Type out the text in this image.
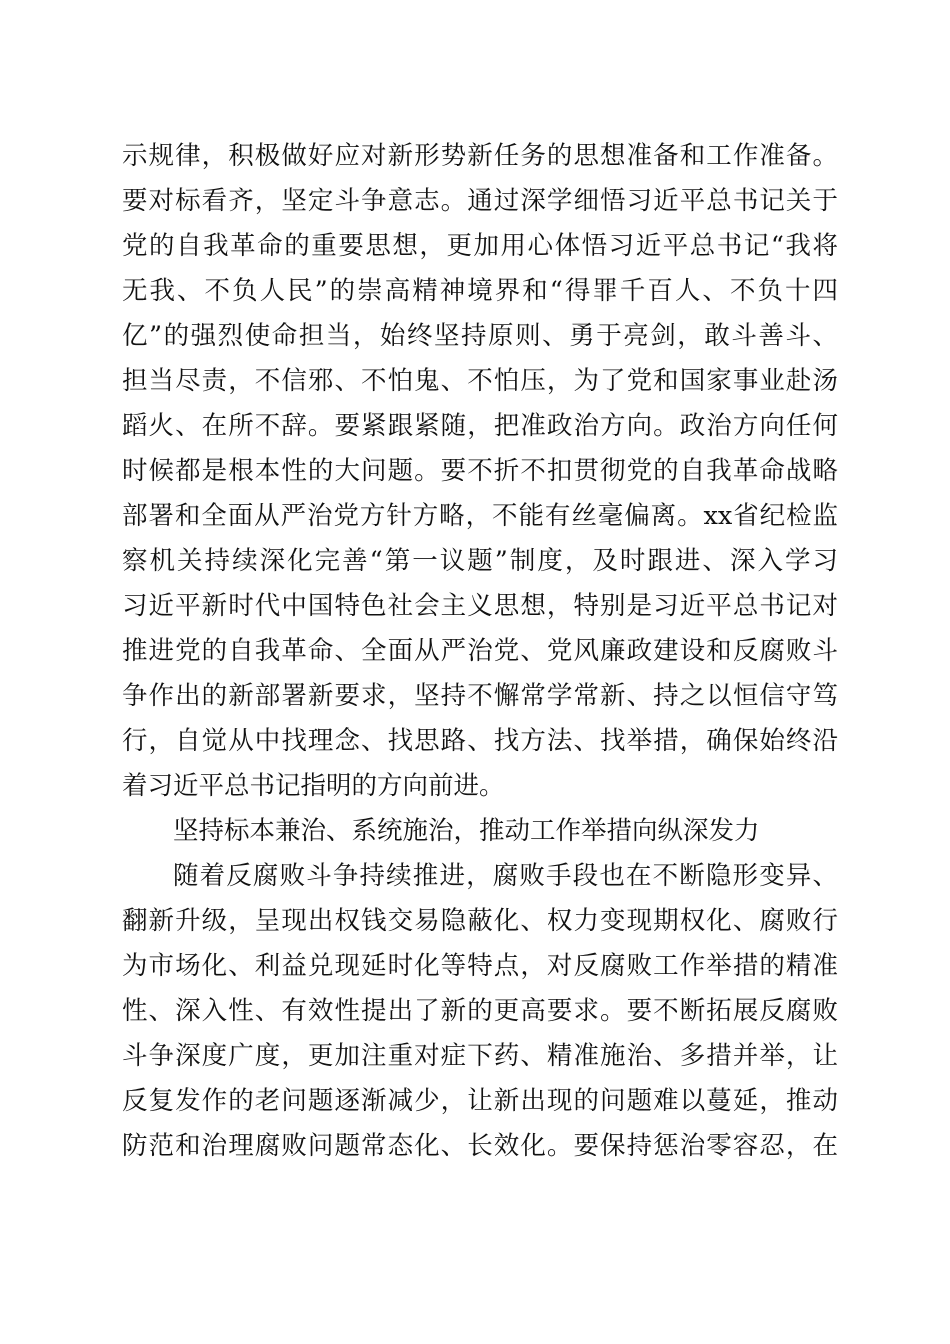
示规律，积极做好应对新形势新任务的思想准备和工作准备。
要对标看齐，坚定斗争意志。通过深学细悟习近平总书记关于
党的自我革命的重要思想，更加用心体悟习近平总书记“我将
无我、不负人民”的崇高精神境界和“得罪千百人、不负十四
亿”的强烈使命担当，始终坚持原则、勇于亮剑，敢斗善斗、
担当尽责，不信邪、不怕鬼、不怕压，为了党和国家事业赴汤
蹈火、在所不辞。要紧跟紧随，把准政治方向。政治方向任何
时候都是根本性的大问题。要不折不扣贯彻党的自我革命战略
部署和全面从严治党方针方略，不能有丝毫偏离。xx省纪检监
察机关持续深化完善“第一议题”制度，及时跟进、深入学习
习近平新时代中国特色社会主义思想，特别是习近平总书记对
推进党的自我革命、全面从严治党、党风廉政建设和反腐败斗
争作出的新部署新要求，坚持不懈常学常新、持之以恒信守笃
行，自觉从中找理念、找思路、找方法、找举措，确保始终沿
着习近平总书记指明的方向前进。
坚持标本兼治、系统施治，推动工作举措向纵深发力
随着反腐败斗争持续推进，腐败手段也在不断隐形变异、
翻新升级，呈现出权钱交易隐蔽化、权力变现期权化、腐败行
为市场化、利益兑现延时化等特点，对反腐败工作举措的精准
性、深入性、有效性提出了新的更高要求。要不断拓展反腐败
斗争深度广度，更加注重对症下药、精准施治、多措并举，让
反复发作的老问题逐渐减少，让新出现的问题难以蔓延，推动
防范和治理腐败问题常态化、长效化。要保持惩治零容忍，在
